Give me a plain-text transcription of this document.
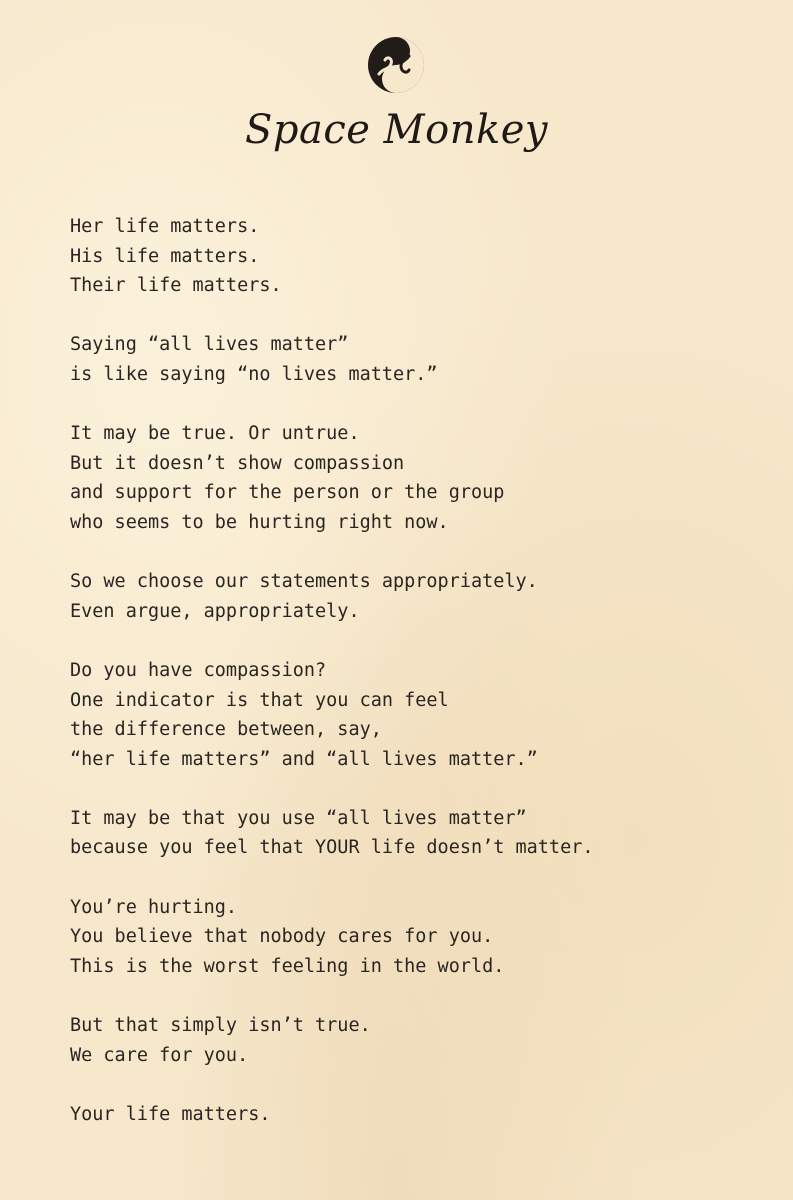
Space Monkey
Her life matters.
His life matters.
Their life matters.
Saying “all lives matter”
is like saying “no lives matter.”
It may be true. Or untrue.
But it doesn’t show compassion
and support for the person or the group
who seems to be hurting right now.
So we choose our statements appropriately.
Even argue, appropriately.
Do you have compassion?
One indicator is that you can feel
the difference between, say,
“her life matters” and “all lives matter.”
It may be that you use “all lives matter”
because you feel that YOUR life doesn’t matter.
You’re hurting.
You believe that nobody cares for you.
This is the worst feeling in the world.
But that simply isn’t true.
We care for you.
Your life matters.
